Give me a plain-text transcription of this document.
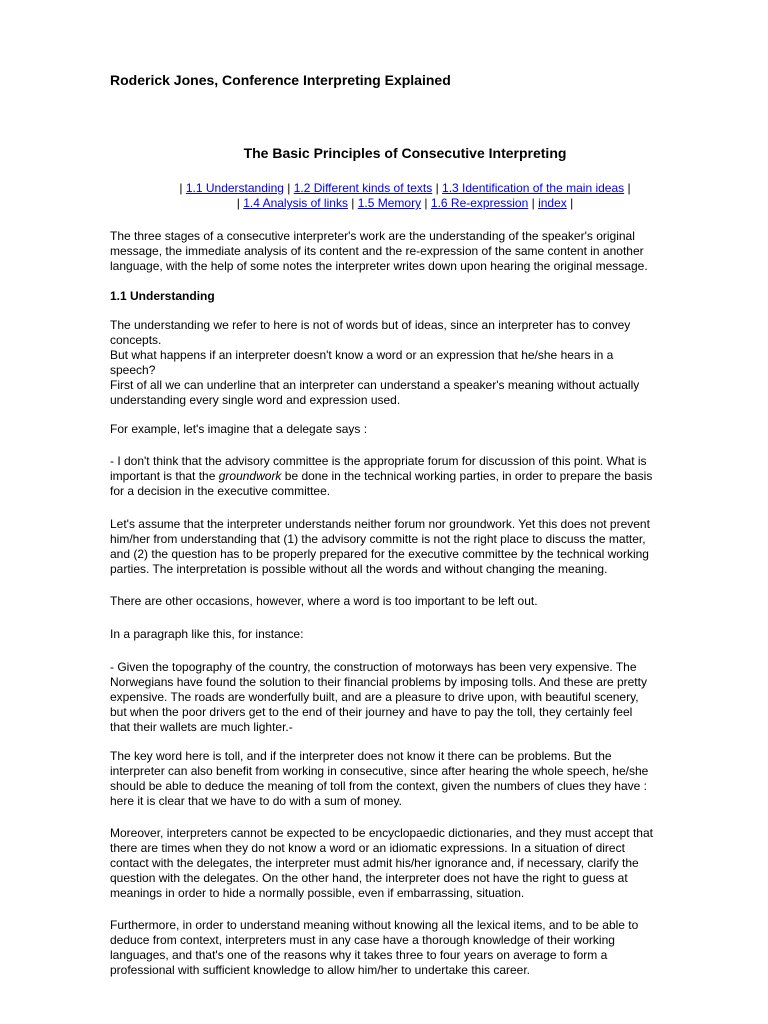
Roderick Jones, Conference Interpreting Explained
The Basic Principles of Consecutive Interpreting
| 1.1 Understanding | 1.2 Different kinds of texts | 1.3 Identification of the main ideas |
| 1.4 Analysis of links | 1.5 Memory | 1.6 Re-expression | index |
The three stages of a consecutive interpreter's work are the understanding of the speaker's original
message, the immediate analysis of its content and the re-expression of the same content in another
language, with the help of some notes the interpreter writes down upon hearing the original message.
1.1 Understanding
The understanding we refer to here is not of words but of ideas, since an interpreter has to convey
concepts.
But what happens if an interpreter doesn't know a word or an expression that he/she hears in a
speech?
First of all we can underline that an interpreter can understand a speaker's meaning without actually
understanding every single word and expression used.
For example, let's imagine that a delegate says :
- I don't think that the advisory committee is the appropriate forum for discussion of this point. What is
important is that the groundwork be done in the technical working parties, in order to prepare the basis
for a decision in the executive committee.
Let's assume that the interpreter understands neither forum nor groundwork. Yet this does not prevent
him/her from understanding that (1) the advisory committe is not the right place to discuss the matter,
and (2) the question has to be properly prepared for the executive committee by the technical working
parties. The interpretation is possible without all the words and without changing the meaning.
There are other occasions, however, where a word is too important to be left out.
In a paragraph like this, for instance:
- Given the topography of the country, the construction of motorways has been very expensive. The
Norwegians have found the solution to their financial problems by imposing tolls. And these are pretty
expensive. The roads are wonderfully built, and are a pleasure to drive upon, with beautiful scenery,
but when the poor drivers get to the end of their journey and have to pay the toll, they certainly feel
that their wallets are much lighter.-
The key word here is toll, and if the interpreter does not know it there can be problems. But the
interpreter can also benefit from working in consecutive, since after hearing the whole speech, he/she
should be able to deduce the meaning of toll from the context, given the numbers of clues they have :
here it is clear that we have to do with a sum of money.
Moreover, interpreters cannot be expected to be encyclopaedic dictionaries, and they must accept that
there are times when they do not know a word or an idiomatic expressions. In a situation of direct
contact with the delegates, the interpreter must admit his/her ignorance and, if necessary, clarify the
question with the delegates. On the other hand, the interpreter does not have the right to guess at
meanings in order to hide a normally possible, even if embarrassing, situation.
Furthermore, in order to understand meaning without knowing all the lexical items, and to be able to
deduce from context, interpreters must in any case have a thorough knowledge of their working
languages, and that's one of the reasons why it takes three to four years on average to form a
professional with sufficient knowledge to allow him/her to undertake this career.
